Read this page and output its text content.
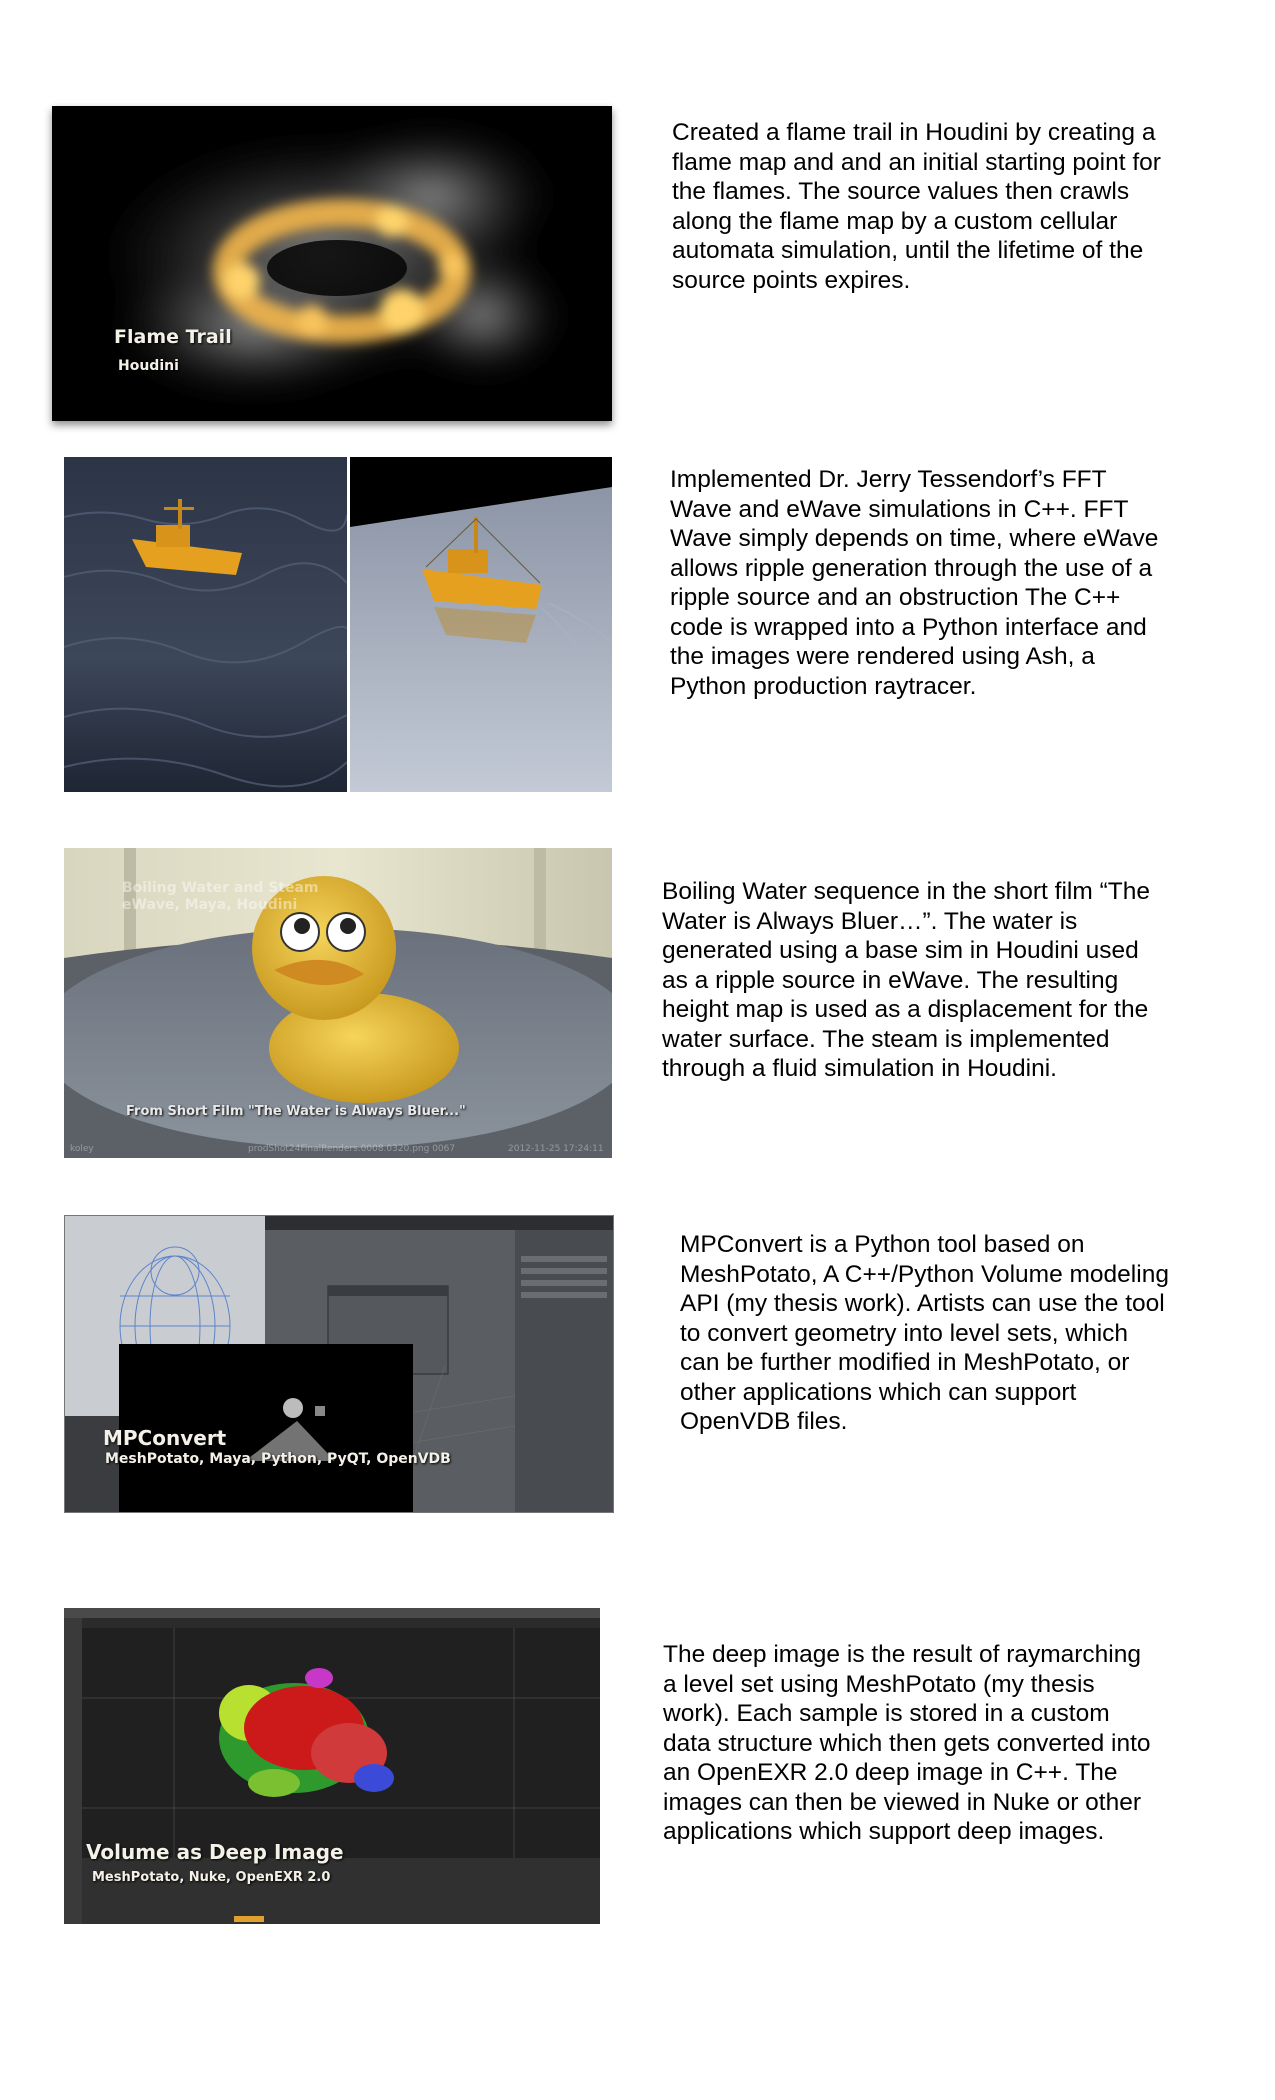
Flame Trail
Houdini
Created a flame trail in Houdini by creating a
flame map and and an initial starting point for
the flames. The source values then crawls
along the flame map by a custom cellular
automata simulation, until the lifetime of the
source points expires.
Implemented Dr. Jerry Tessendorf’s FFT
Wave and eWave simulations in C++. FFT
Wave simply depends on time, where eWave
allows ripple generation through the use of a
ripple source and an obstruction The C++
code is wrapped into a Python interface and
the images were rendered using Ash, a
Python production raytracer.
Boiling Water and Steam
eWave, Maya, Houdini
From Short Film "The Water is Always Bluer..."
koley	prodShot24FinalRenders.0008.0320.png 0067	2012-11-25 17:24:11
Boiling Water sequence in the short film “The
Water is Always Bluer…”. The water is
generated using a base sim in Houdini used
as a ripple source in eWave. The resulting
height map is used as a displacement for the
water surface. The steam is implemented
through a fluid simulation in Houdini.
MPConvert
MeshPotato, Maya, Python, PyQT, OpenVDB
MPConvert is a Python tool based on
MeshPotato, A C++/Python Volume modeling
API (my thesis work). Artists can use the tool
to convert geometry into level sets, which
can be further modified in MeshPotato, or
other applications which can support
OpenVDB files.
Volume as Deep Image
MeshPotato, Nuke, OpenEXR 2.0
The deep image is the result of raymarching
a level set using MeshPotato (my thesis
work). Each sample is stored in a custom
data structure which then gets converted into
an OpenEXR 2.0 deep image in C++. The
images can then be viewed in Nuke or other
applications which support deep images.
